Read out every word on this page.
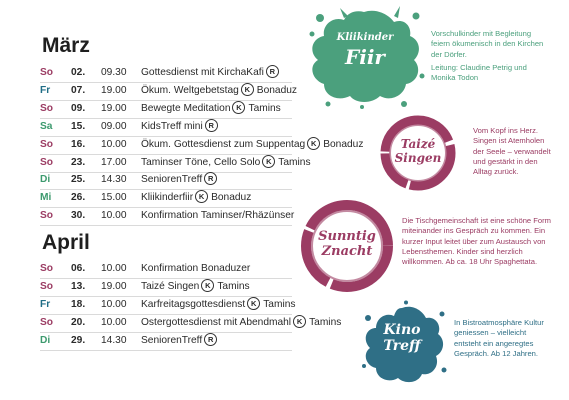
März
So 02. 09.30 Gottesdienst mit KirchaKafi R
Fr 07. 19.00 Ökum. Weltgebetstag K Bonaduz
So 09. 19.00 Bewegte Meditation K Tamins
Sa 15. 09.00 KidsTreff mini R
So 16. 10.00 Ökum. Gottesdienst zum Suppentag K Bonaduz
So 23. 17.00 Taminser Töne, Cello Solo K Tamins
Di 25. 14.30 SeniorenTreff R
Mi 26. 15.00 Kliikinderfiir K Bonaduz
So 30. 10.00 Konfirmation Taminser/Rhäzünser
April
So 06. 10.00 Konfirmation Bonaduzer
So 13. 19.00 Taizé Singen K Tamins
Fr 18. 10.00 Karfreitagsgottesdienst K Tamins
So 20. 10.00 Ostergottesdienst mit Abendmahl K Tamins
Di 29. 14.30 SeniorenTreff R
Kliikinder
Fiir
Vorschulkinder mit Begleitung feiern ökumenisch in den Kirchen der Dörfer.
Leitung: Claudine Petrig und Monika Todon
Taizé
Singen
Vom Kopf ins Herz. Singen ist Atemholen der Seele – verwandelt und gestärkt in den Alltag zurück.
Sunntig
Znacht
Die Tischgemeinschaft ist eine schöne Form miteinander ins Gespräch zu kommen. Ein kurzer Input leitet über zum Austausch von Lebensthemen. Kinder sind herzlich willkommen. Ab ca. 18 Uhr Spaghettata.
Kino
Treff
In Bistroatmosphäre Kultur geniessen – vielleicht entsteht ein angeregtes Gespräch. Ab 12 Jahren.
